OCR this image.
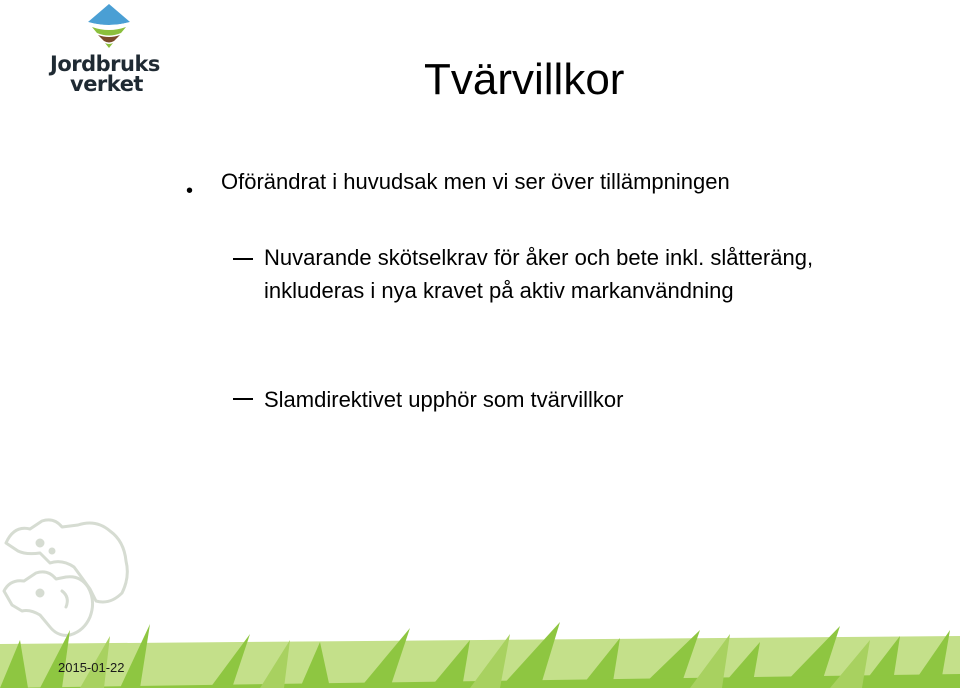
Jordbruks
verket	Tvärvillkor
• Oförändrat i huvudsak men vi ser över tillämpningen
Nuvarande skötselkrav för åker och bete inkl. slåtteräng, inkluderas i nya kravet på aktiv markanvändning
Slamdirektivet upphör som tvärvillkor
2015-01-22
